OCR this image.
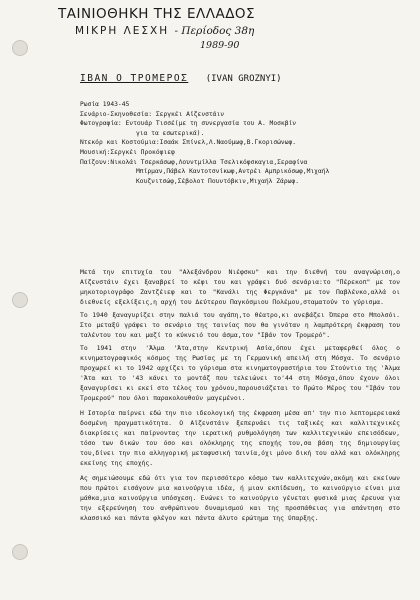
ΤΑΙΝΙΟΘΗΚΗ ΤΗΣ ΕΛΛΑΔΟΣ
ΜΙΚΡΗ ΛΕΣΧΗ - Περίοδος 38η
1989-90
ΙΒΑΝ Ο ΤΡΟΜΕΡΟΣ (IVAN GROZNYI)
Ρωσία 1943-45
Σενάριο-Σκηνοθεσία: Σεργκέι Αϊζενστάιν
Φωτογραφία: Εντουάρ Τισσέ(με τη συνεργασία του Α. Μοσκβίν
για τα εσωτερικά).
Ντεκόρ και Κοστούμια:Ισαάκ Σπίνελ,Λ.Ναούμωφ,Β.Γκορισώνωφ.
Μουσική:Σεργκέι Προκόφιεφ
Παίζουν:Νικολάι Τσερκάσωφ,Λουντμίλλα Τσελικόφσκαγια,Σεραφίνα
Μπίρμαν,Πάβελ Καντοτσνίκωφ,Αντρέι Αμπρικόσωφ,Μιχαήλ
Κουζνιτσώφ,Σέβολοτ Πουντόβκιν,Μιχαήλ Ζάρωφ.

Μετά την επιτυχία του "Αλεξάνδρου Νιέφσκυ" και την διεθνή του αναγνώριση,ο Αϊζενστάιν έχει ξαναβρεί το κέφι του και γράφει δυό σενάρια:το "Πέρεκοπ" με τον μηκοτοριογράφο Ζαντζέιεφ και το "Κανάλι της Φεργκάνα" με τον Παβλένκο,αλλά οι διεθνείς εξελίξεις,η αρχή του Δεύτερου Παγκόσμιου Πολέμου,σταματούν το γύρισμα.

Το 1940 ξαναγυρίζει στην παλιά του αγάπη,το θέατρο,κι ανεβάζει Όπερα στο Μπολσόι. Στο μεταξύ γράφει το σενάριο της ταινίας που θα γινόταν η λαμπρότερη έκφραση του ταλέντου του και μαζί το κύκνειό του άσμα,τον "Ιβάν τον Τρομερό".

Το 1941 στην 'Άλμα 'Άτα,στην Κεντρική Ασία,όπου έχει μεταφερθεί όλος ο κινηματογραφικός κόσμος της Ρωσίας με τη Γερμανική απειλή στη Μόσχα. Το σενάριο προχωρεί κι το 1942 αρχίζει το γύρισμα στα κινηματογραστήρια του Στούντιο της 'Άλμα 'Άτα και το '43 κάνει το μοντάζ που τελειώνει το'44 στη Μόσχα,όπου έχουν όλοι ξαναγυρίσει κι εκεί στο τέλος του χρόνου,παρουσιάζεται το Πρώτο Μέρος του "Ιβάν του Τρομερού" που όλοι παρακολουθούν μαγεμένοι.

Η Ιστορία παίρνει εδώ την πιο ιδεολογική της έκφραση μέσα απ' την πιο λεπτομερειακά δοσμένη πραγματικότητα. Ο Αϊζενστάιν ξεπερνάει τις ταξικές και καλλιτεχνικές διακρίσεις και παίρνοντας την ιερατική ρυθμολόγηση των καλλιτεχνικών επεισόδεων, τόσο των δικών του όσο και ολόκληρης της εποχής του,σα βάση της δημιουργίας του,δίνει την πιο αλληγορική μεταφυσική ταινία,όχι μόνο δική του αλλά και ολόκληρης εκείνης της εποχής.

Ας σημειώσουμε εδώ ότι για τον περισσότερο κόσμο των καλλιτεχνών,ακόμη και εκείνων που πρώτοι εισάγουν μια καινούργια ιδέα, ή μιαν εκπίδευση, το καινούργιο είναι μια μάθκα,μια καινούργια υπόσχεση. Ενώνει το καινούργιο γένεται φυσικά μιας έρευνα για την εξερεύνηση του ανθρώπινου δυναμισμού και της προσπάθειας για απάντηση στο κλασσικό και πάντα φλέγον και πάντα άλυτο ερώτημα της ύπαρξης.
